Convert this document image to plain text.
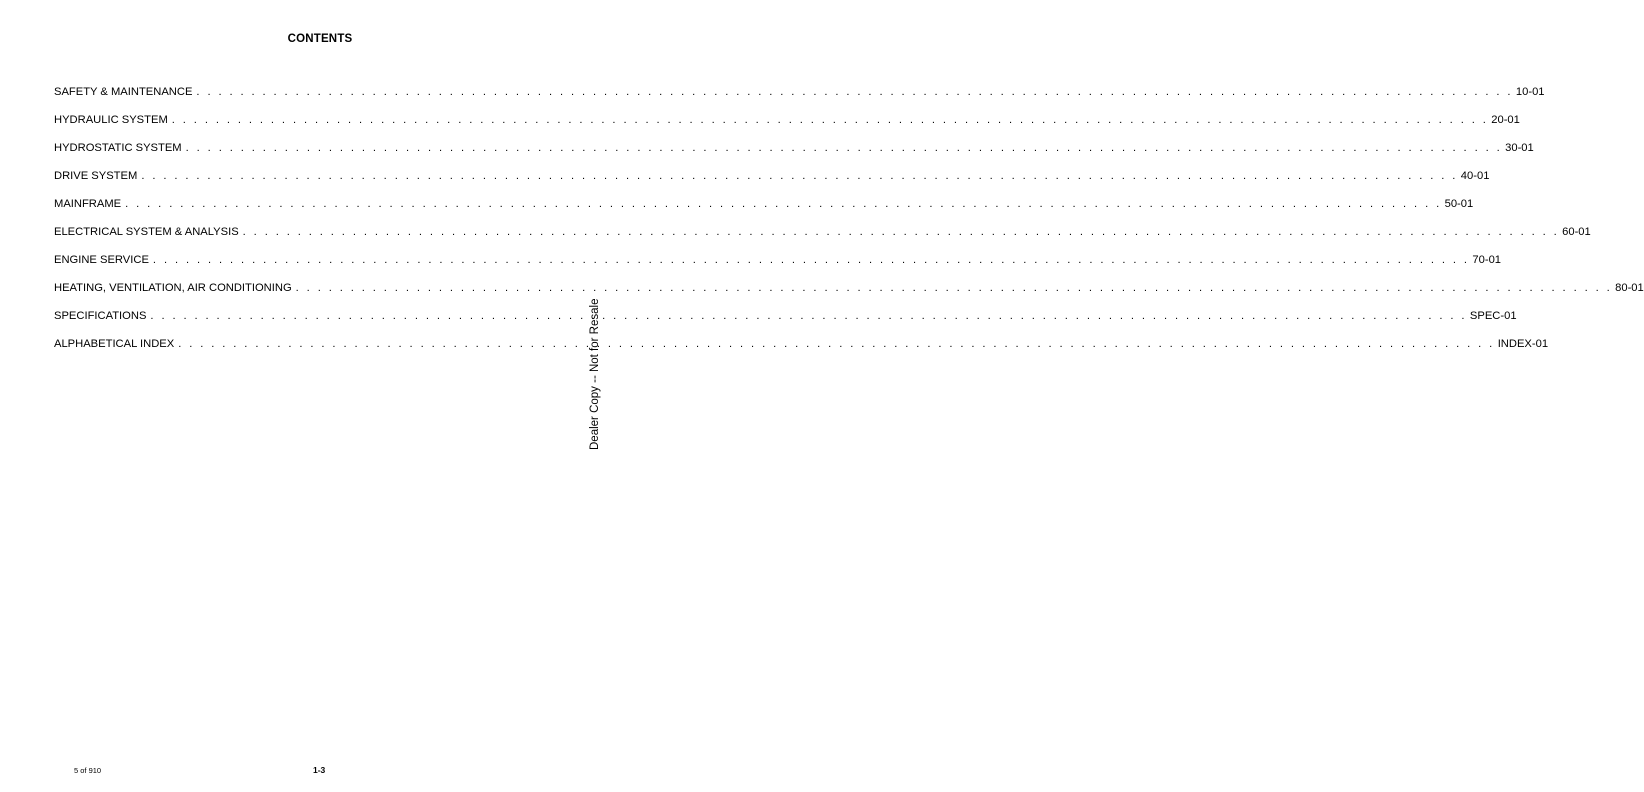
CONTENTS
SAFETY & MAINTENANCE . . . . . . . . . . . . . . . . . . . . . . . . . . . . . . . . . . . . . . . . . . . . . . . . . . . . . . . . . . . . . . . . . . . . . . . . . . . . . . . . . . . . . . . . . . . . . . . . . . . . . . . . . . . . . . . . . . . . . . . . 10-01
HYDRAULIC SYSTEM . . . . . . . . . . . . . . . . . . . . . . . . . . . . . . . . . . . . . . . . . . . . . . . . . . . . . . . . . . . . . . . . . . . . . . . . . . . . . . . . . . . . . . . . . . . . . . . . . . . . . . . . . . . . . . . . . . . . . . . . 20-01
HYDROSTATIC SYSTEM . . . . . . . . . . . . . . . . . . . . . . . . . . . . . . . . . . . . . . . . . . . . . . . . . . . . . . . . . . . . . . . . . . . . . . . . . . . . . . . . . . . . . . . . . . . . . . . . . . . . . . . . . . . . . . . . . . . . . . . . 30-01
DRIVE SYSTEM . . . . . . . . . . . . . . . . . . . . . . . . . . . . . . . . . . . . . . . . . . . . . . . . . . . . . . . . . . . . . . . . . . . . . . . . . . . . . . . . . . . . . . . . . . . . . . . . . . . . . . . . . . . . . . . . . . . . . . . . 40-01
MAINFRAME . . . . . . . . . . . . . . . . . . . . . . . . . . . . . . . . . . . . . . . . . . . . . . . . . . . . . . . . . . . . . . . . . . . . . . . . . . . . . . . . . . . . . . . . . . . . . . . . . . . . . . . . . . . . . . . . . . . . . . . . 50-01
ELECTRICAL SYSTEM & ANALYSIS . . . . . . . . . . . . . . . . . . . . . . . . . . . . . . . . . . . . . . . . . . . . . . . . . . . . . . . . . . . . . . . . . . . . . . . . . . . . . . . . . . . . . . . . . . . . . . . . . . . . . . . . . . . . . . . . . . . . . . . . 60-01
ENGINE SERVICE . . . . . . . . . . . . . . . . . . . . . . . . . . . . . . . . . . . . . . . . . . . . . . . . . . . . . . . . . . . . . . . . . . . . . . . . . . . . . . . . . . . . . . . . . . . . . . . . . . . . . . . . . . . . . . . . . . . . . . . . 70-01
HEATING, VENTILATION, AIR CONDITIONING . . . . . . . . . . . . . . . . . . . . . . . . . . . . . . . . . . . . . . . . . . . . . . . . . . . . . . . . . . . . . . . . . . . . . . . . . . . . . . . . . . . . . . . . . . . . . . . . . . . . . . . . . . . . . . . . . . . . . . . . 80-01
SPECIFICATIONS . . . . . . . . . . . . . . . . . . . . . . . . . . . . . . . . . . . . . . . . . . . . . . . . . . . . . . . . . . . . . . . . . . . . . . . . . . . . . . . . . . . . . . . . . . . . . . . . . . . . . . . . . . . . . . . . . . . . . . . . SPEC-01
ALPHABETICAL INDEX . . . . . . . . . . . . . . . . . . . . . . . . . . . . . . . . . . . . . . . . . . . . . . . . . . . . . . . . . . . . . . . . . . . . . . . . . . . . . . . . . . . . . . . . . . . . . . . . . . . . . . . . . . . . . . . . . . . . . . . . INDEX-01
Dealer Copy -- Not for Resale
5 of 910	1-3
